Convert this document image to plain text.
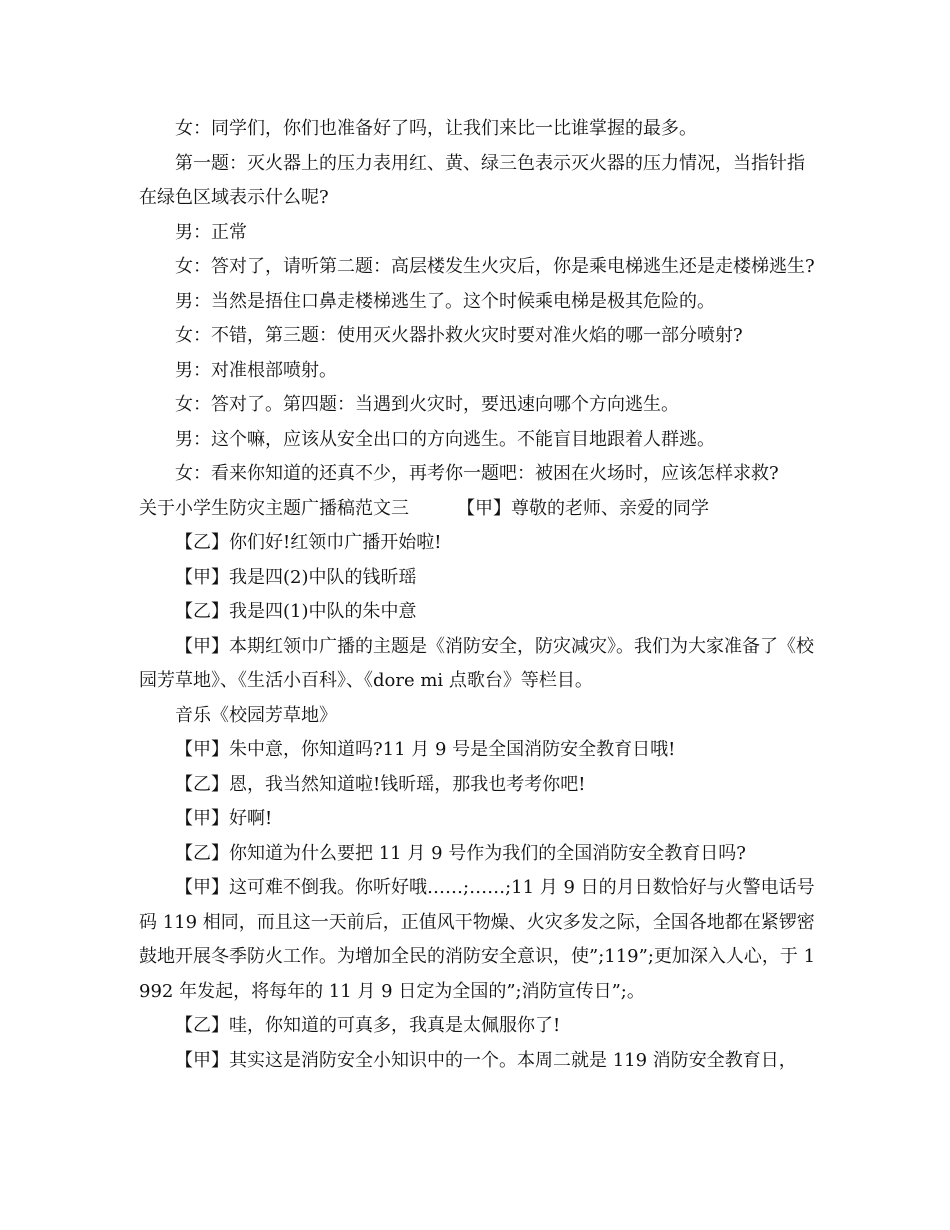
女：同学们，你们也准备好了吗，让我们来比一比谁掌握的最多。

第一题：灭火器上的压力表用红、黄、绿三色表示灭火器的压力情况，当指针指在绿色区域表示什么呢?

男：正常

女：答对了，请听第二题：高层楼发生火灾后，你是乘电梯逃生还是走楼梯逃生?

男：当然是捂住口鼻走楼梯逃生了。这个时候乘电梯是极其危险的。

女：不错，第三题：使用灭火器扑救火灾时要对准火焰的哪一部分喷射?

男：对准根部喷射。

女：答对了。第四题：当遇到火灾时，要迅速向哪个方向逃生。

男：这个嘛，应该从安全出口的方向逃生。不能盲目地跟着人群逃。

女：看来你知道的还真不少，再考你一题吧：被困在火场时，应该怎样求救?

关于小学生防灾主题广播稿范文三	【甲】尊敬的老师、亲爱的同学

【乙】你们好!红领巾广播开始啦!

【甲】我是四(2)中队的钱昕瑶

【乙】我是四(1)中队的朱中意

【甲】本期红领巾广播的主题是《消防安全，防灾减灾》。我们为大家准备了《校园芳草地》、《生活小百科》、《dore mi 点歌台》等栏目。

音乐《校园芳草地》

【甲】朱中意，你知道吗?11 月 9 号是全国消防安全教育日哦!

【乙】恩，我当然知道啦!钱昕瑶，那我也考考你吧!

【甲】好啊!

【乙】你知道为什么要把 11 月 9 号作为我们的全国消防安全教育日吗?

【甲】这可难不倒我。你听好哦……;……;11 月 9 日的月日数恰好与火警电话号码 119 相同，而且这一天前后，正值风干物燥、火灾多发之际，全国各地都在紧锣密鼓地开展冬季防火工作。为增加全民的消防安全意识，使”;119”;更加深入人心，于 1992 年发起，将每年的 11 月 9 日定为全国的”;消防宣传日”;。

【乙】哇，你知道的可真多，我真是太佩服你了!

【甲】其实这是消防安全小知识中的一个。本周二就是 119 消防安全教育日，
